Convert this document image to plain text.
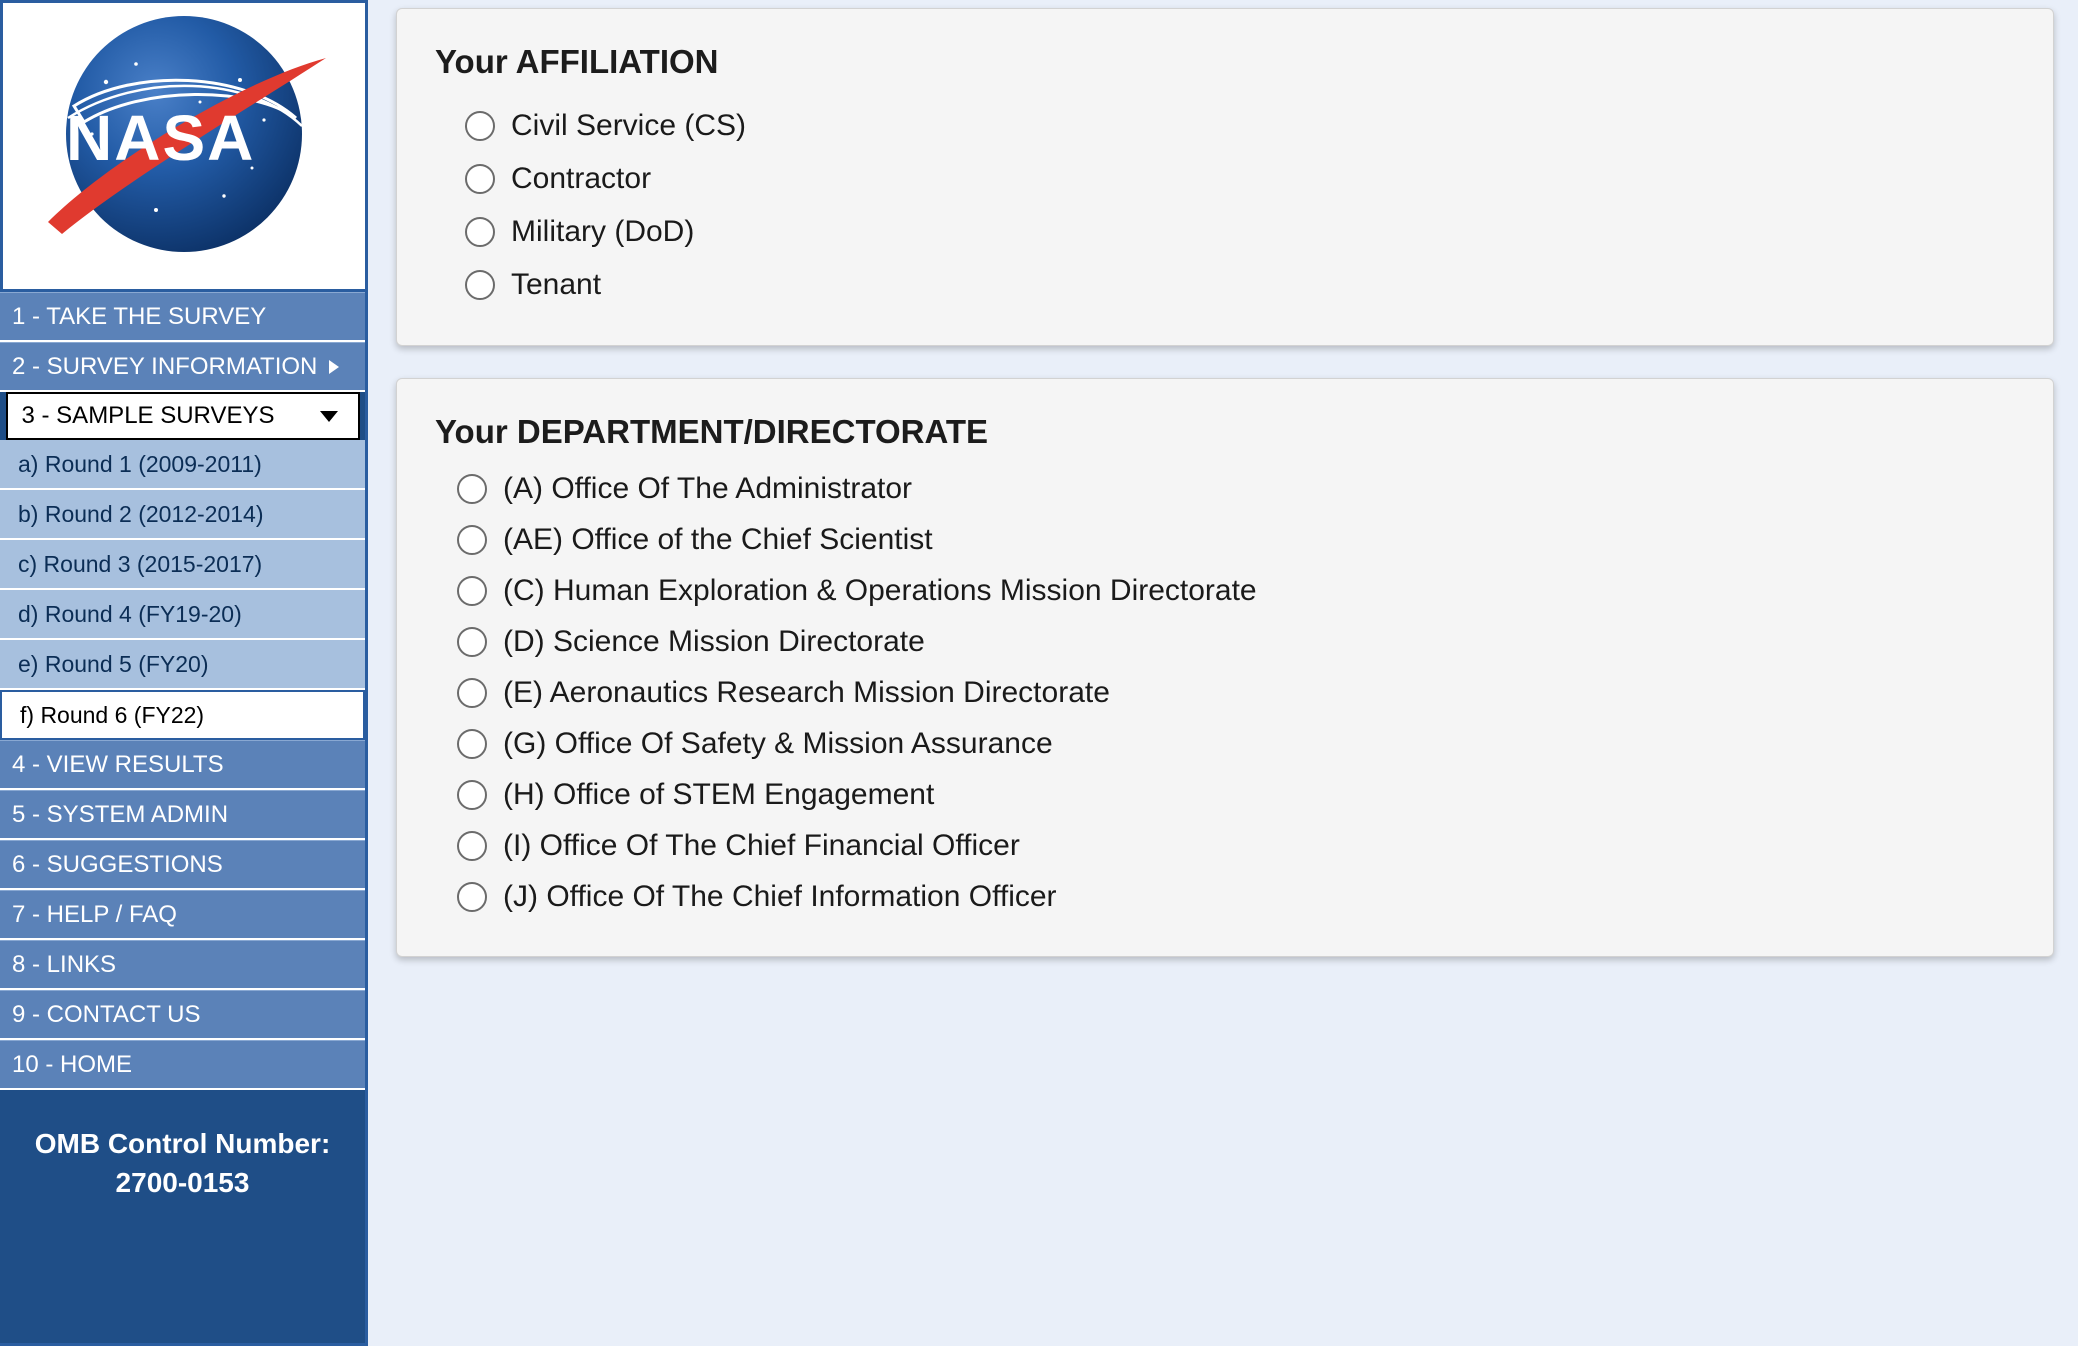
NASA
1 - TAKE THE SURVEY
2 - SURVEY INFORMATION
3 - SAMPLE SURVEYS
a) Round 1 (2009-2011)
b) Round 2 (2012-2014)
c) Round 3 (2015-2017)
d) Round 4 (FY19-20)
e) Round 5 (FY20)
f) Round 6 (FY22)
4 - VIEW RESULTS
5 - SYSTEM ADMIN
6 - SUGGESTIONS
7 - HELP / FAQ
8 - LINKS
9 - CONTACT US
10 - HOME
OMB Control Number:
2700-0153
Your AFFILIATION
Civil Service (CS)
Contractor
Military (DoD)
Tenant
Your DEPARTMENT/DIRECTORATE
(A) Office Of The Administrator
(AE) Office of the Chief Scientist
(C) Human Exploration & Operations Mission Directorate
(D) Science Mission Directorate
(E) Aeronautics Research Mission Directorate
(G) Office Of Safety & Mission Assurance
(H) Office of STEM Engagement
(I) Office Of The Chief Financial Officer
(J) Office Of The Chief Information Officer
